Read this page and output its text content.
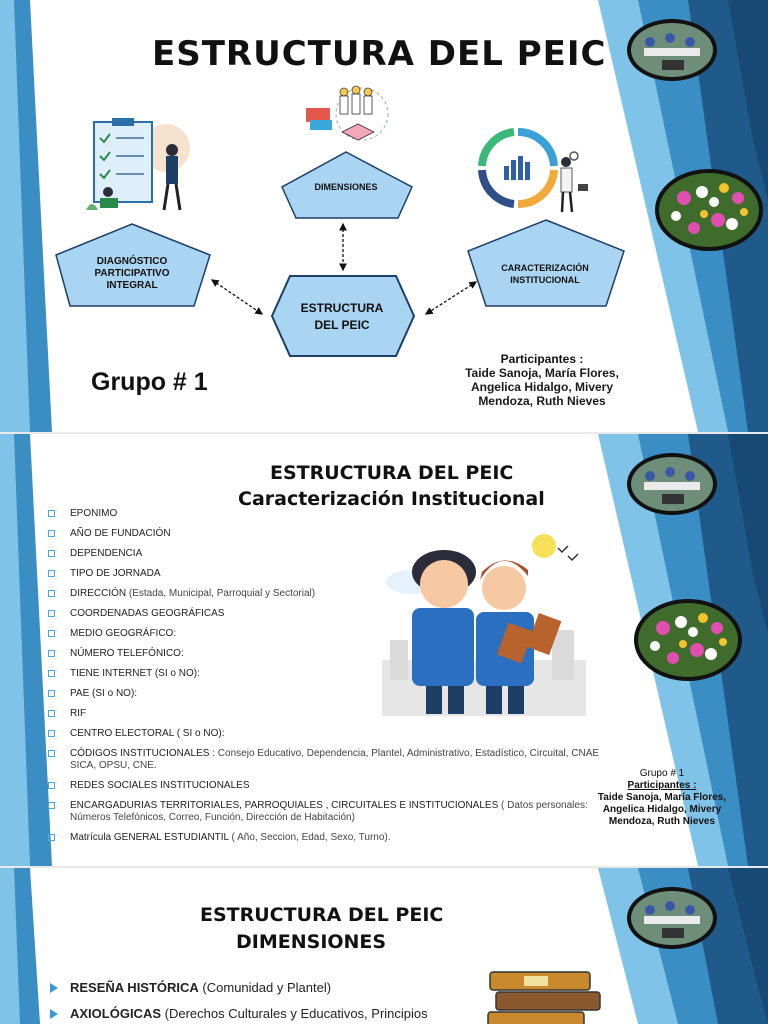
ESTRUCTURA DEL PEIC
DIMENSIONES
DIAGNÓSTICO PARTICIPATIVO INTEGRAL
CARACTERIZACIÓN INSTITUCIONAL
ESTRUCTURA DEL PEIC
Grupo # 1
Participantes :
Taide Sanoja, María Flores, Angelica Hidalgo, Mivery Mendoza, Ruth Nieves
ESTRUCTURA DEL PEIC
Caracterización Institucional
EPONIMO
AÑO DE FUNDACIÓN
DEPENDENCIA
TIPO DE JORNADA
DIRECCIÓN (Estada, Municipal, Parroquial y Sectorial)
COORDENADAS GEOGRÁFICAS
MEDIO GEOGRÁFICO:
NÚMERO TELEFÓNICO:
TIENE INTERNET (SI o NO):
PAE (SI o NO):
RIF
CENTRO ELECTORAL ( SI o NO):
CÓDIGOS INSTITUCIONALES : Consejo Educativo, Dependencia, Plantel, Administrativo, Estadístico, Circuital, CNAE SICA, OPSU, CNE.
REDES SOCIALES INSTITUCIONALES
ENCARGADURIAS TERRITORIALES, PARROQUIALES , CIRCUITALES E INSTITUCIONALES ( Datos personales: Números Telefónicos, Correo, Función, Dirección de Habitación)
Matrícula GENERAL ESTUDIANTIL ( Año, Seccion, Edad, Sexo, Turno).
Grupo # 1
Participantes :
Taide Sanoja, María Flores, Angelica Hidalgo, Mivery Mendoza, Ruth Nieves
ESTRUCTURA DEL PEIC
DIMENSIONES
RESEÑA HISTÓRICA (Comunidad y Plantel)
AXIOLÓGICAS (Derechos Culturales y Educativos, Principios
